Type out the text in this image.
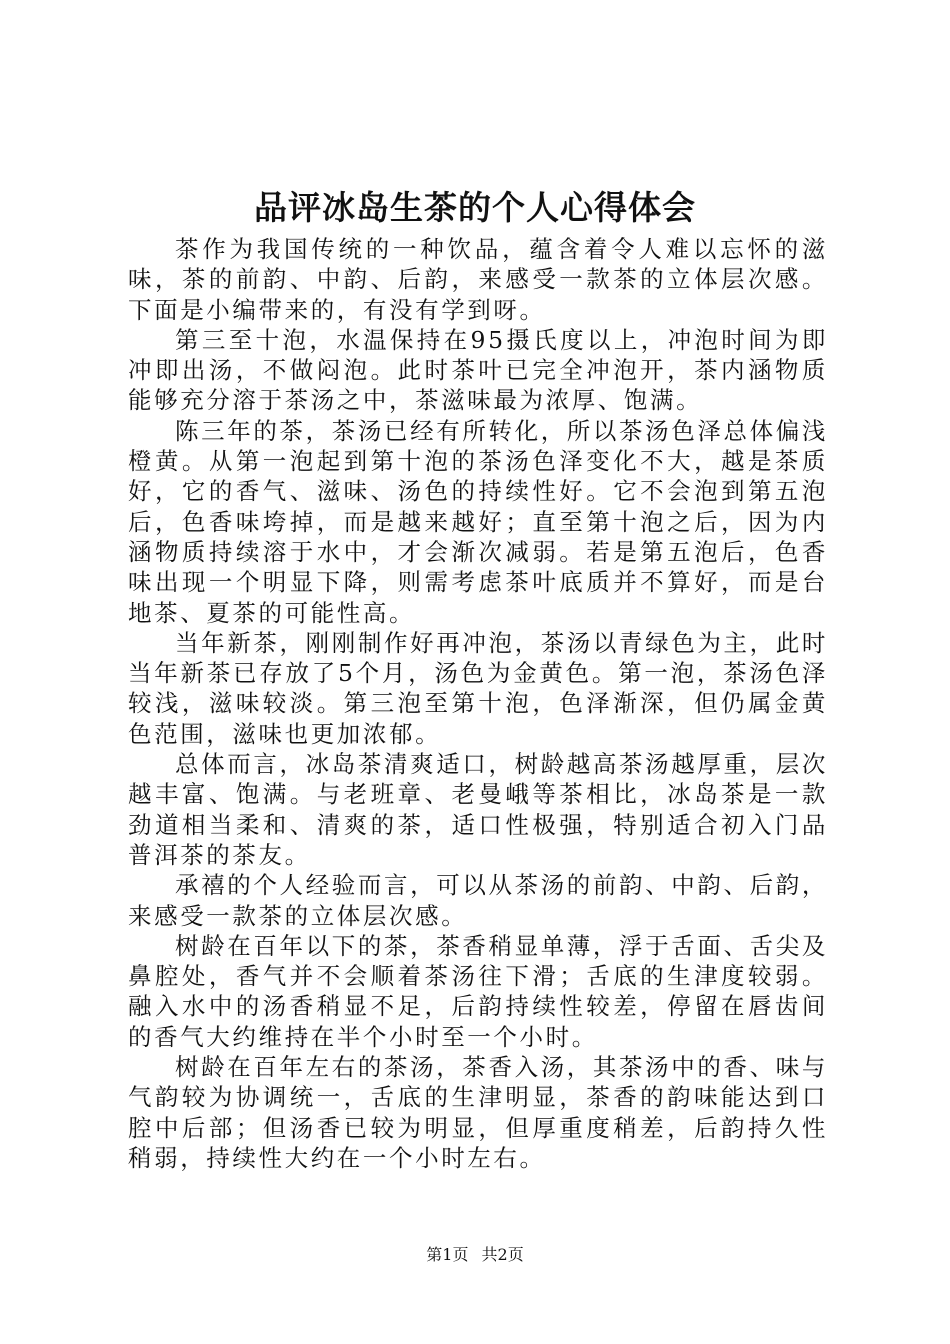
品评冰岛生茶的个人心得体会

茶作为我国传统的一种饮品，蕴含着令人难以忘怀的滋味，茶的前韵、中韵、后韵，来感受一款茶的立体层次感。下面是小编带来的，有没有学到呀。

第三至十泡，水温保持在95摄氏度以上，冲泡时间为即冲即出汤，不做闷泡。此时茶叶已完全冲泡开，茶内涵物质能够充分溶于茶汤之中，茶滋味最为浓厚、饱满。

陈三年的茶，茶汤已经有所转化，所以茶汤色泽总体偏浅橙黄。从第一泡起到第十泡的茶汤色泽变化不大，越是茶质好，它的香气、滋味、汤色的持续性好。它不会泡到第五泡后，色香味垮掉，而是越来越好；直至第十泡之后，因为内涵物质持续溶于水中，才会渐次减弱。若是第五泡后，色香味出现一个明显下降，则需考虑茶叶底质并不算好，而是台地茶、夏茶的可能性高。

当年新茶，刚刚制作好再冲泡，茶汤以青绿色为主，此时当年新茶已存放了5个月，汤色为金黄色。第一泡，茶汤色泽较浅，滋味较淡。第三泡至第十泡，色泽渐深，但仍属金黄色范围，滋味也更加浓郁。

总体而言，冰岛茶清爽适口，树龄越高茶汤越厚重，层次越丰富、饱满。与老班章、老曼峨等茶相比，冰岛茶是一款劲道相当柔和、清爽的茶，适口性极强，特别适合初入门品普洱茶的茶友。

承禧的个人经验而言，可以从茶汤的前韵、中韵、后韵，来感受一款茶的立体层次感。

树龄在百年以下的茶，茶香稍显单薄，浮于舌面、舌尖及鼻腔处，香气并不会顺着茶汤往下滑；舌底的生津度较弱。融入水中的汤香稍显不足，后韵持续性较差，停留在唇齿间的香气大约维持在半个小时至一个小时。

树龄在百年左右的茶汤，茶香入汤，其茶汤中的香、味与气韵较为协调统一，舌底的生津明显，茶香的韵味能达到口腔中后部；但汤香已较为明显，但厚重度稍差，后韵持久性稍弱，持续性大约在一个小时左右。

第1页 共2页
